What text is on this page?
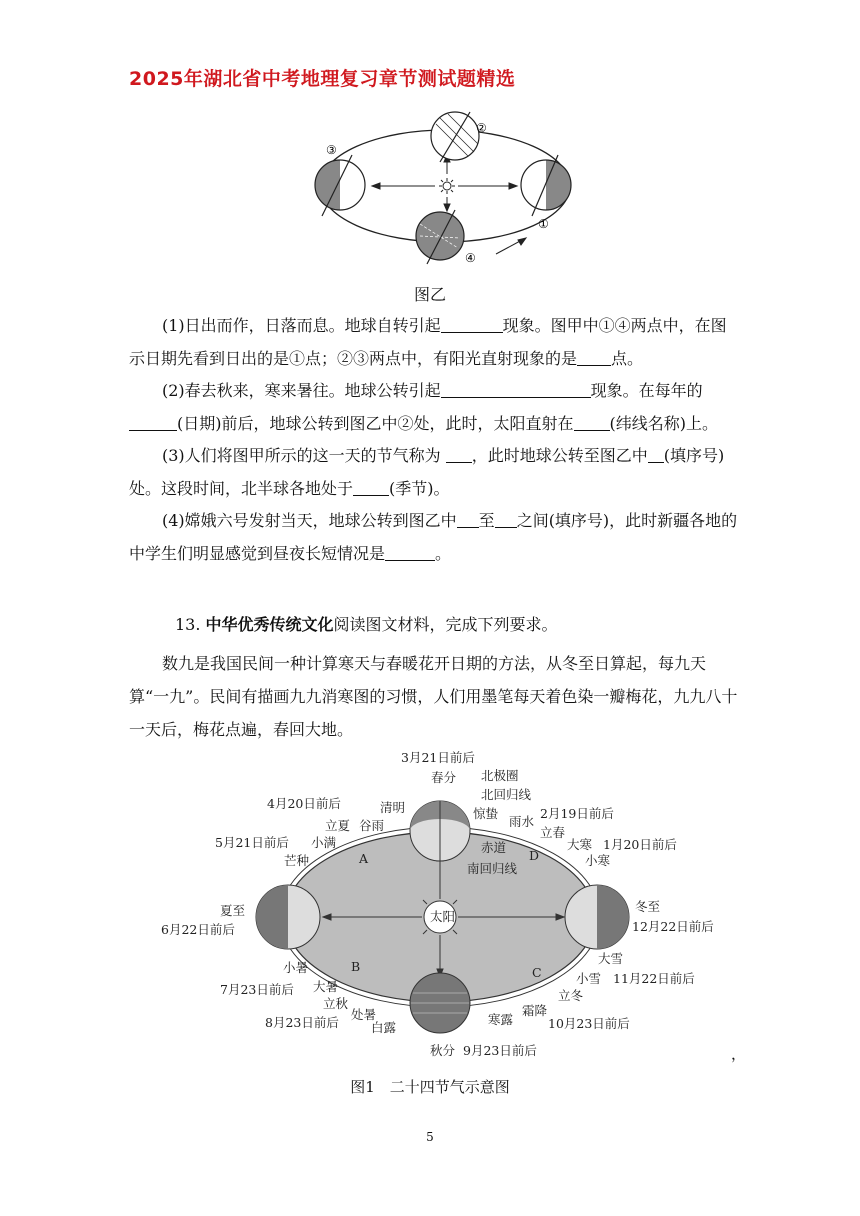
2025年湖北省中考地理复习章节测试题精选
②
③
①
④
图乙

(1)日出而作，日落而息。地球自转引起	现象。图甲中①④两点中，在图示日期先看到日出的是①点；②③两点中，有阳光直射现象的是 点。

(2)春去秋来，寒来暑往。地球公转引起	现象。在每年的 (日期)前后，地球公转到图乙中②处，此时，太阳直射在 (纬线名称)上。

(3)人们将图甲所示的这一天的节气称为 ，此时地球公转至图乙中 (填序号)处。这段时间，北半球各地处于 (季节)。

(4)嫦娥六号发射当天，地球公转到图乙中 至 之间(填序号)，此时新疆各地的中学生们明显感觉到昼夜长短情况是	。

13. 中华优秀传统文化阅读图文材料，完成下列要求。

数九是我国民间一种计算寒天与春暖花开日期的方法，从冬至日算起，每九天算“一九”。民间有描画九九消寒图的习惯，人们用墨笔每天着色染一瓣梅花，九九八十一天后，梅花点遍，春回大地。

太阳
A
B	C
D
3月21日前后
春分 北极圈
北回归线
赤道
南回归线
清明
谷雨
立夏
小满
芒种
4月20日前后
5月21日前后
夏至
6月22日前后
惊蛰
雨水
2月19日前后
立春
大寒 1月20日前后
小寒
冬至
12月22日前后
小暑
7月23日前后 大暑
立秋
处暑
8月23日前后	白露
秋分 9月23日前后
大雪
小雪 11月22日前后
立冬
霜降
寒露	10月23日前后
，
图1　二十四节气示意图
5
